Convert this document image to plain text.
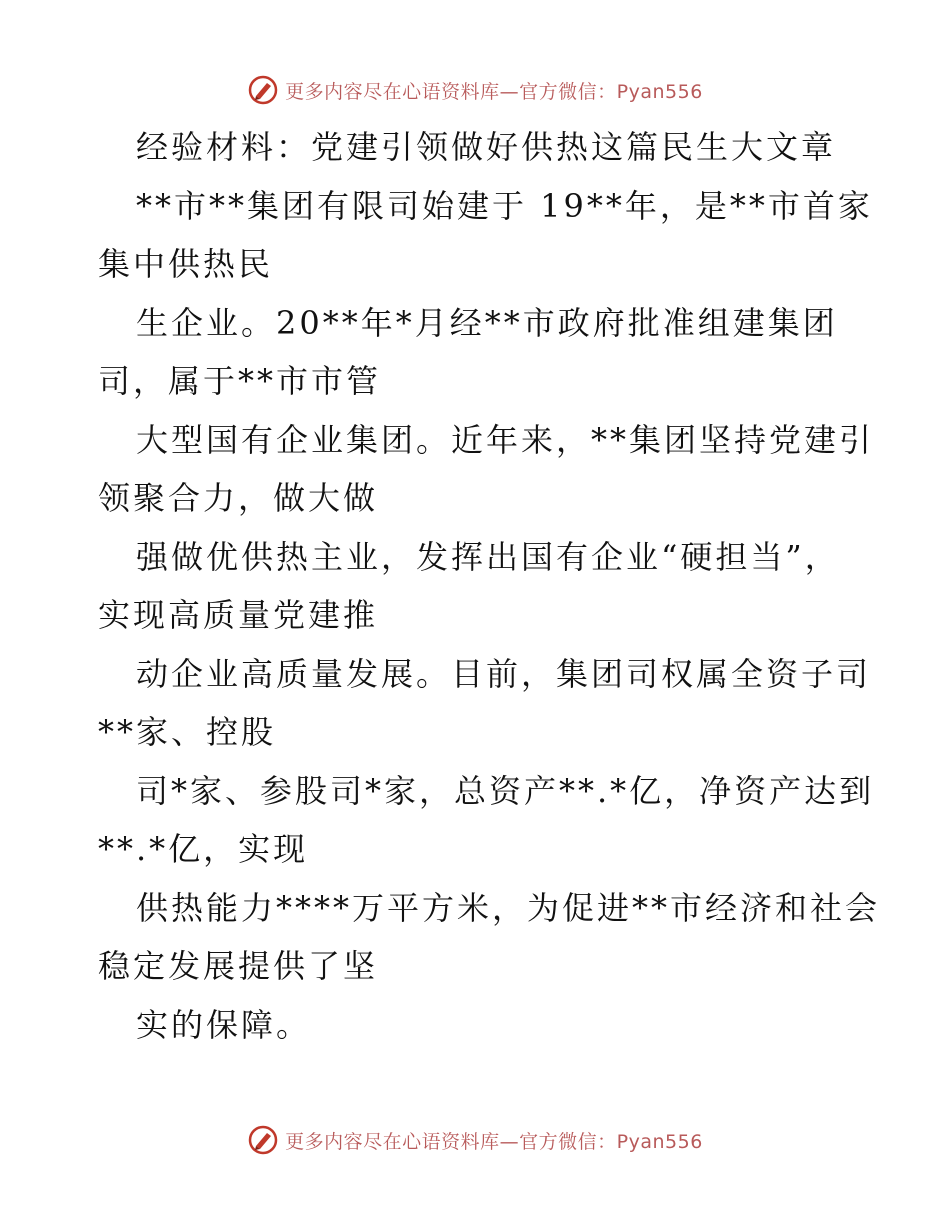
更多内容尽在心语资料库—官方微信：Pyan556
经验材料：党建引领做好供热这篇民生大文章
**市**集团有限司始建于 19**年，是**市首家
集中供热民
生企业。20**年*月经**市政府批准组建集团
司，属于**市市管
大型国有企业集团。近年来，**集团坚持党建引
领聚合力，做大做
强做优供热主业，发挥出国有企业“硬担当”，
实现高质量党建推
动企业高质量发展。目前，集团司权属全资子司
**家、控股
司*家、参股司*家，总资产**.*亿，净资产达到
**.*亿，实现
供热能力****万平方米，为促进**市经济和社会
稳定发展提供了坚
实的保障。
更多内容尽在心语资料库—官方微信：Pyan556
